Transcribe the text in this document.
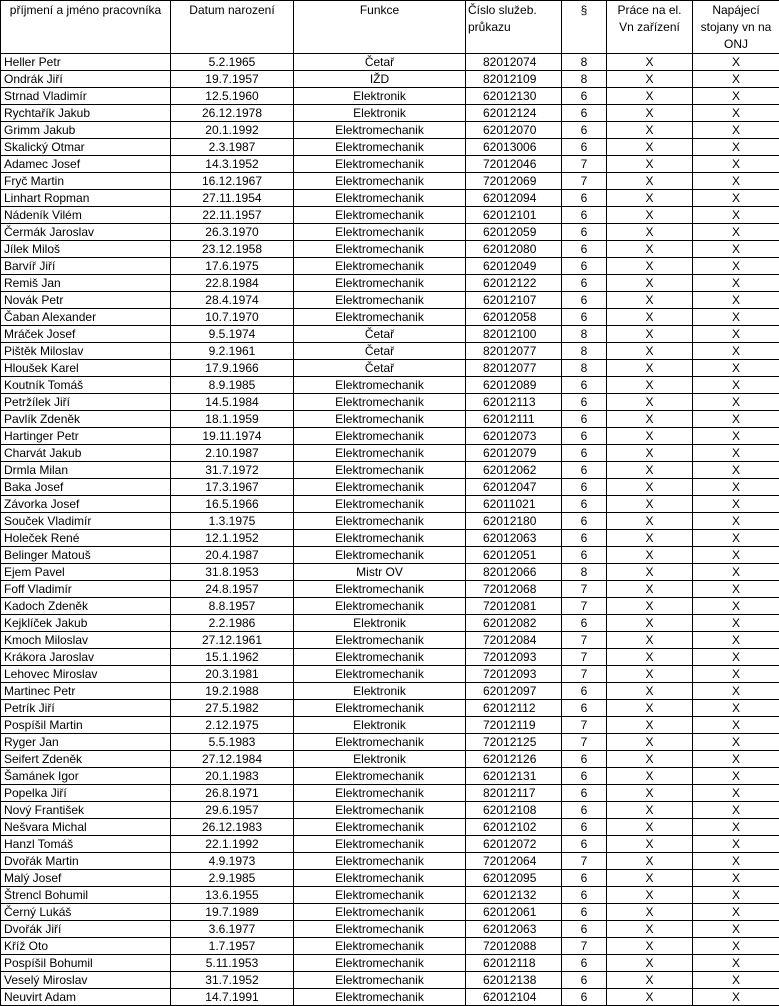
příjmení a jméno pracovníka	Datum narození	Funkce	Číslo služeb. průkazu	§	Práce na el. Vn zařízení	Napájecí stojany vn na ONJ
Heller Petr	5.2.1965	Četař	82012074	8	X	X
Ondrák Jiří	19.7.1957	IŽD	82012109	8	X	X
Strnad Vladimír	12.5.1960	Elektronik	62012130	6	X	X
Rychtařík Jakub	26.12.1978	Elektronik	62012124	6	X	X
Grimm Jakub	20.1.1992	Elektromechanik	62012070	6	X	X
Skalický Otmar	2.3.1987	Elektromechanik	62013006	6	X	X
Adamec Josef	14.3.1952	Elektromechanik	72012046	7	X	X
Fryč Martin	16.12.1967	Elektromechanik	72012069	7	X	X
Linhart Ropman	27.11.1954	Elektromechanik	62012094	6	X	X
Nádeník Vilém	22.11.1957	Elektromechanik	62012101	6	X	X
Čermák Jaroslav	26.3.1970	Elektromechanik	62012059	6	X	X
Jílek Miloš	23.12.1958	Elektromechanik	62012080	6	X	X
Barvíř Jiří	17.6.1975	Elektromechanik	62012049	6	X	X
Remiš Jan	22.8.1984	Elektromechanik	62012122	6	X	X
Novák Petr	28.4.1974	Elektromechanik	62012107	6	X	X
Čaban Alexander	10.7.1970	Elektromechanik	62012058	6	X	X
Mráček Josef	9.5.1974	Četař	82012100	8	X	X
Pištěk Miloslav	9.2.1961	Četař	82012077	8	X	X
Hloušek Karel	17.9.1966	Četař	82012077	8	X	X
Koutník Tomáš	8.9.1985	Elektromechanik	62012089	6	X	X
Petržílek Jiří	14.5.1984	Elektromechanik	62012113	6	X	X
Pavlík Zdeněk	18.1.1959	Elektromechanik	62012111	6	X	X
Hartinger Petr	19.11.1974	Elektromechanik	62012073	6	X	X
Charvát Jakub	2.10.1987	Elektromechanik	62012079	6	X	X
Drmla Milan	31.7.1972	Elektromechanik	62012062	6	X	X
Baka Josef	17.3.1967	Elektromechanik	62012047	6	X	X
Závorka Josef	16.5.1966	Elektromechanik	62011021	6	X	X
Souček Vladimír	1.3.1975	Elektromechanik	62012180	6	X	X
Holeček René	12.1.1952	Elektromechanik	62012063	6	X	X
Belinger Matouš	20.4.1987	Elektromechanik	62012051	6	X	X
Ejem Pavel	31.8.1953	Mistr OV	82012066	8	X	X
Foff Vladimír	24.8.1957	Elektromechanik	72012068	7	X	X
Kadoch Zdeněk	8.8.1957	Elektromechanik	72012081	7	X	X
Kejklíček Jakub	2.2.1986	Elektronik	62012082	6	X	X
Kmoch Miloslav	27.12.1961	Elektromechanik	72012084	7	X	X
Krákora Jaroslav	15.1.1962	Elektromechanik	72012093	7	X	X
Lehovec Miroslav	20.3.1981	Elektromechanik	72012093	7	X	X
Martinec Petr	19.2.1988	Elektronik	62012097	6	X	X
Petrík Jiří	27.5.1982	Elektromechanik	62012112	6	X	X
Pospíšil Martin	2.12.1975	Elektronik	72012119	7	X	X
Ryger Jan	5.5.1983	Elektromechanik	72012125	7	X	X
Seifert Zdeněk	27.12.1984	Elektronik	62012126	6	X	X
Šamánek Igor	20.1.1983	Elektromechanik	62012131	6	X	X
Popelka Jiří	26.8.1971	Elektromechanik	82012117	6	X	X
Nový František	29.6.1957	Elektromechanik	62012108	6	X	X
Nešvara Michal	26.12.1983	Elektromechanik	62012102	6	X	X
Hanzl Tomáš	22.1.1992	Elektromechanik	62012072	6	X	X
Dvořák Martin	4.9.1973	Elektromechanik	72012064	7	X	X
Malý Josef	2.9.1985	Elektromechanik	62012095	6	X	X
Štrencl Bohumil	13.6.1955	Elektromechanik	62012132	6	X	X
Černý Lukáš	19.7.1989	Elektromechanik	62012061	6	X	X
Dvořák Jiří	3.6.1977	Elektromechanik	62012063	6	X	X
Kříž Oto	1.7.1957	Elektromechanik	72012088	7	X	X
Pospíšil Bohumil	5.11.1953	Elektromechanik	62012118	6	X	X
Veselý Miroslav	31.7.1952	Elektromechanik	62012138	6	X	X
Neuvirt Adam	14.7.1991	Elektromechanik	62012104	6	X	X
